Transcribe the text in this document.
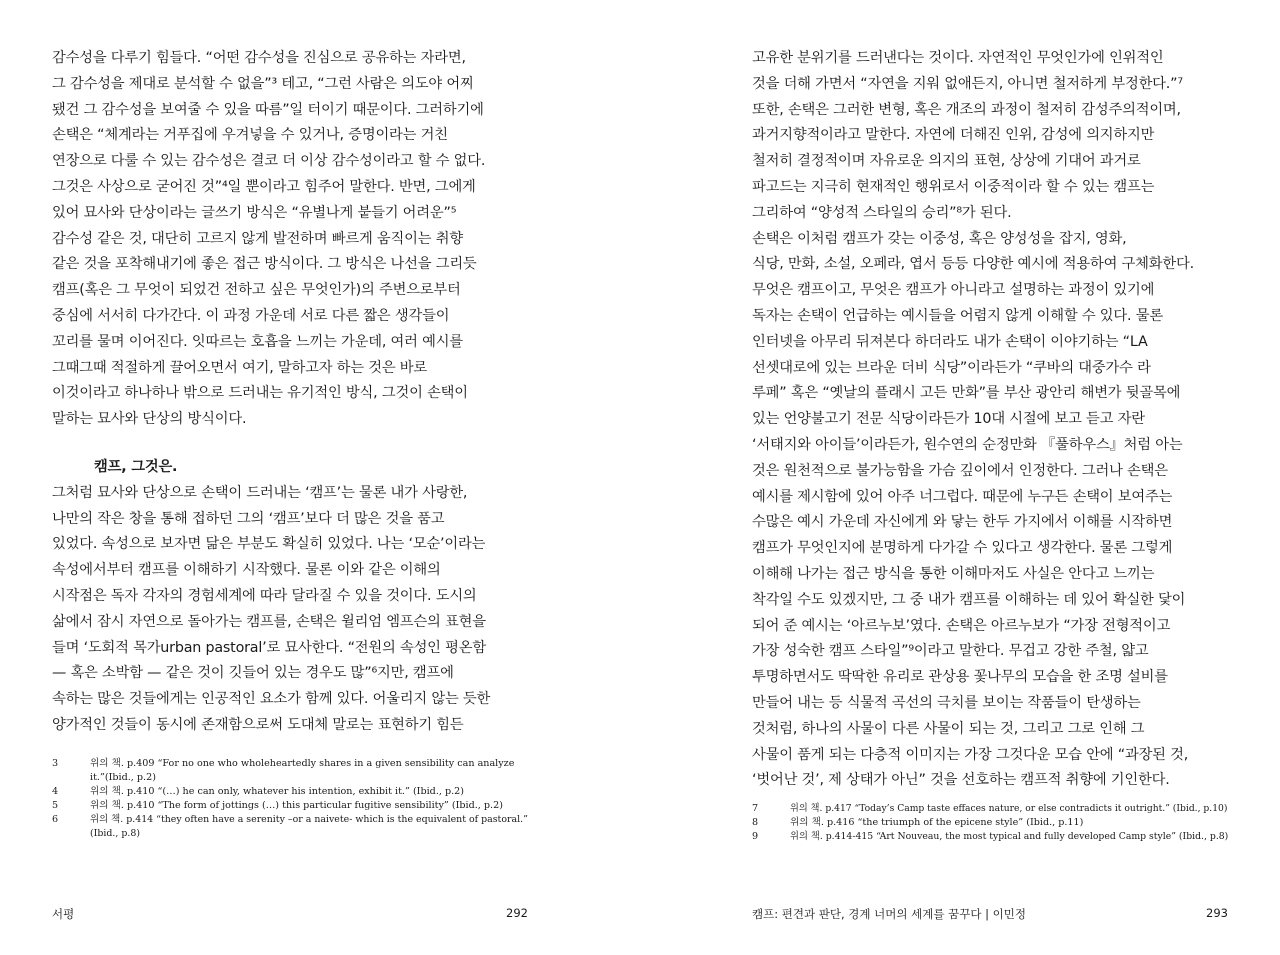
감수성을 다루기 힘들다. “어떤 감수성을 진심으로 공유하는 자라면,
그 감수성을 제대로 분석할 수 없을”³ 테고, “그런 사람은 의도야 어찌
됐건 그 감수성을 보여줄 수 있을 따름”일 터이기 때문이다. 그러하기에
손택은 “체계라는 거푸집에 우겨넣을 수 있거나, 증명이라는 거친
연장으로 다룰 수 있는 감수성은 결코 더 이상 감수성이라고 할 수 없다.
그것은 사상으로 굳어진 것”⁴일 뿐이라고 힘주어 말한다. 반면, 그에게
있어 묘사와 단상이라는 글쓰기 방식은 “유별나게 붙들기 어려운”⁵
감수성 같은 것, 대단히 고르지 않게 발전하며 빠르게 움직이는 취향
같은 것을 포착해내기에 좋은 접근 방식이다. 그 방식은 나선을 그리듯
캠프(혹은 그 무엇이 되었건 전하고 싶은 무엇인가)의 주변으로부터
중심에 서서히 다가간다. 이 과정 가운데 서로 다른 짧은 생각들이
꼬리를 물며 이어진다. 잇따르는 호흡을 느끼는 가운데, 여러 예시를
그때그때 적절하게 끌어오면서 여기, 말하고자 하는 것은 바로
이것이라고 하나하나 밖으로 드러내는 유기적인 방식, 그것이 손택이
말하는 묘사와 단상의 방식이다.
캠프, 그것은.
그처럼 묘사와 단상으로 손택이 드러내는 ‘캠프’는 물론 내가 사랑한,
나만의 작은 창을 통해 접하던 그의 ‘캠프’보다 더 많은 것을 품고
있었다. 속성으로 보자면 닮은 부분도 확실히 있었다. 나는 ‘모순’이라는
속성에서부터 캠프를 이해하기 시작했다. 물론 이와 같은 이해의
시작점은 독자 각자의 경험세계에 따라 달라질 수 있을 것이다. 도시의
삶에서 잠시 자연으로 돌아가는 캠프를, 손택은 윌리엄 엠프슨의 표현을
들며 ‘도회적 목가urban pastoral’로 묘사한다. “전원의 속성인 평온함
— 혹은 소박함 — 같은 것이 깃들어 있는 경우도 많”⁶지만, 캠프에
속하는 많은 것들에게는 인공적인 요소가 함께 있다. 어울리지 않는 듯한
양가적인 것들이 동시에 존재함으로써 도대체 말로는 표현하기 힘든
3	위의 책. p.409 “For no one who wholeheartedly shares in a given sensibility can analyze
it.”(Ibid., p.2)
4	위의 책. p.410 “(…) he can only, whatever his intention, exhibit it.” (Ibid., p.2)
5	위의 책. p.410 “The form of jottings (…) this particular fugitive sensibility” (Ibid., p.2)
6	위의 책. p.414 “they often have a serenity –or a naivete- which is the equivalent of pastoral.”
(Ibid., p.8)
서평	292
고유한 분위기를 드러낸다는 것이다. 자연적인 무엇인가에 인위적인
것을 더해 가면서 “자연을 지워 없애든지, 아니면 철저하게 부정한다.”⁷
또한, 손택은 그러한 변형, 혹은 개조의 과정이 철저히 감성주의적이며,
과거지향적이라고 말한다. 자연에 더해진 인위, 감성에 의지하지만
철저히 결정적이며 자유로운 의지의 표현, 상상에 기대어 과거로
파고드는 지극히 현재적인 행위로서 이중적이라 할 수 있는 캠프는
그리하여 “양성적 스타일의 승리”⁸가 된다.
손택은 이처럼 캠프가 갖는 이중성, 혹은 양성성을 잡지, 영화,
식당, 만화, 소설, 오페라, 엽서 등등 다양한 예시에 적용하여 구체화한다.
무엇은 캠프이고, 무엇은 캠프가 아니라고 설명하는 과정이 있기에
독자는 손택이 언급하는 예시들을 어렴지 않게 이해할 수 있다. 물론
인터넷을 아무리 뒤져본다 하더라도 내가 손택이 이야기하는 “LA
선셋대로에 있는 브라운 더비 식당”이라든가 “쿠바의 대중가수 라
루페” 혹은 “옛날의 플래시 고든 만화”를 부산 광안리 해변가 뒷골목에
있는 언양불고기 전문 식당이라든가 10대 시절에 보고 듣고 자란
‘서태지와 아이들’이라든가, 원수연의 순정만화 『풀하우스』처럼 아는
것은 원천적으로 불가능함을 가슴 깊이에서 인정한다. 그러나 손택은
예시를 제시함에 있어 아주 너그럽다. 때문에 누구든 손택이 보여주는
수많은 예시 가운데 자신에게 와 닿는 한두 가지에서 이해를 시작하면
캠프가 무엇인지에 분명하게 다가갈 수 있다고 생각한다. 물론 그렇게
이해해 나가는 접근 방식을 통한 이해마저도 사실은 안다고 느끼는
착각일 수도 있겠지만, 그 중 내가 캠프를 이해하는 데 있어 확실한 닻이
되어 준 예시는 ‘아르누보’였다. 손택은 아르누보가 “가장 전형적이고
가장 성숙한 캠프 스타일”⁹이라고 말한다. 무겁고 강한 주철, 얇고
투명하면서도 딱딱한 유리로 관상용 꽃나무의 모습을 한 조명 설비를
만들어 내는 등 식물적 곡선의 극치를 보이는 작품들이 탄생하는
것처럼, 하나의 사물이 다른 사물이 되는 것, 그리고 그로 인해 그
사물이 품게 되는 다층적 이미지는 가장 그것다운 모습 안에 “과장된 것,
‘벗어난 것’, 제 상태가 아닌” 것을 선호하는 캠프적 취향에 기인한다.
7	위의 책. p.417 “Today’s Camp taste effaces nature, or else contradicts it outright.” (Ibid., p.10)
8	위의 책. p.416 “the triumph of the epicene style” (Ibid., p.11)
9	위의 책. p.414-415 “Art Nouveau, the most typical and fully developed Camp style” (Ibid., p.8)
캠프: 편견과 판단, 경계 너머의 세계를 꿈꾸다 | 이민정	293
